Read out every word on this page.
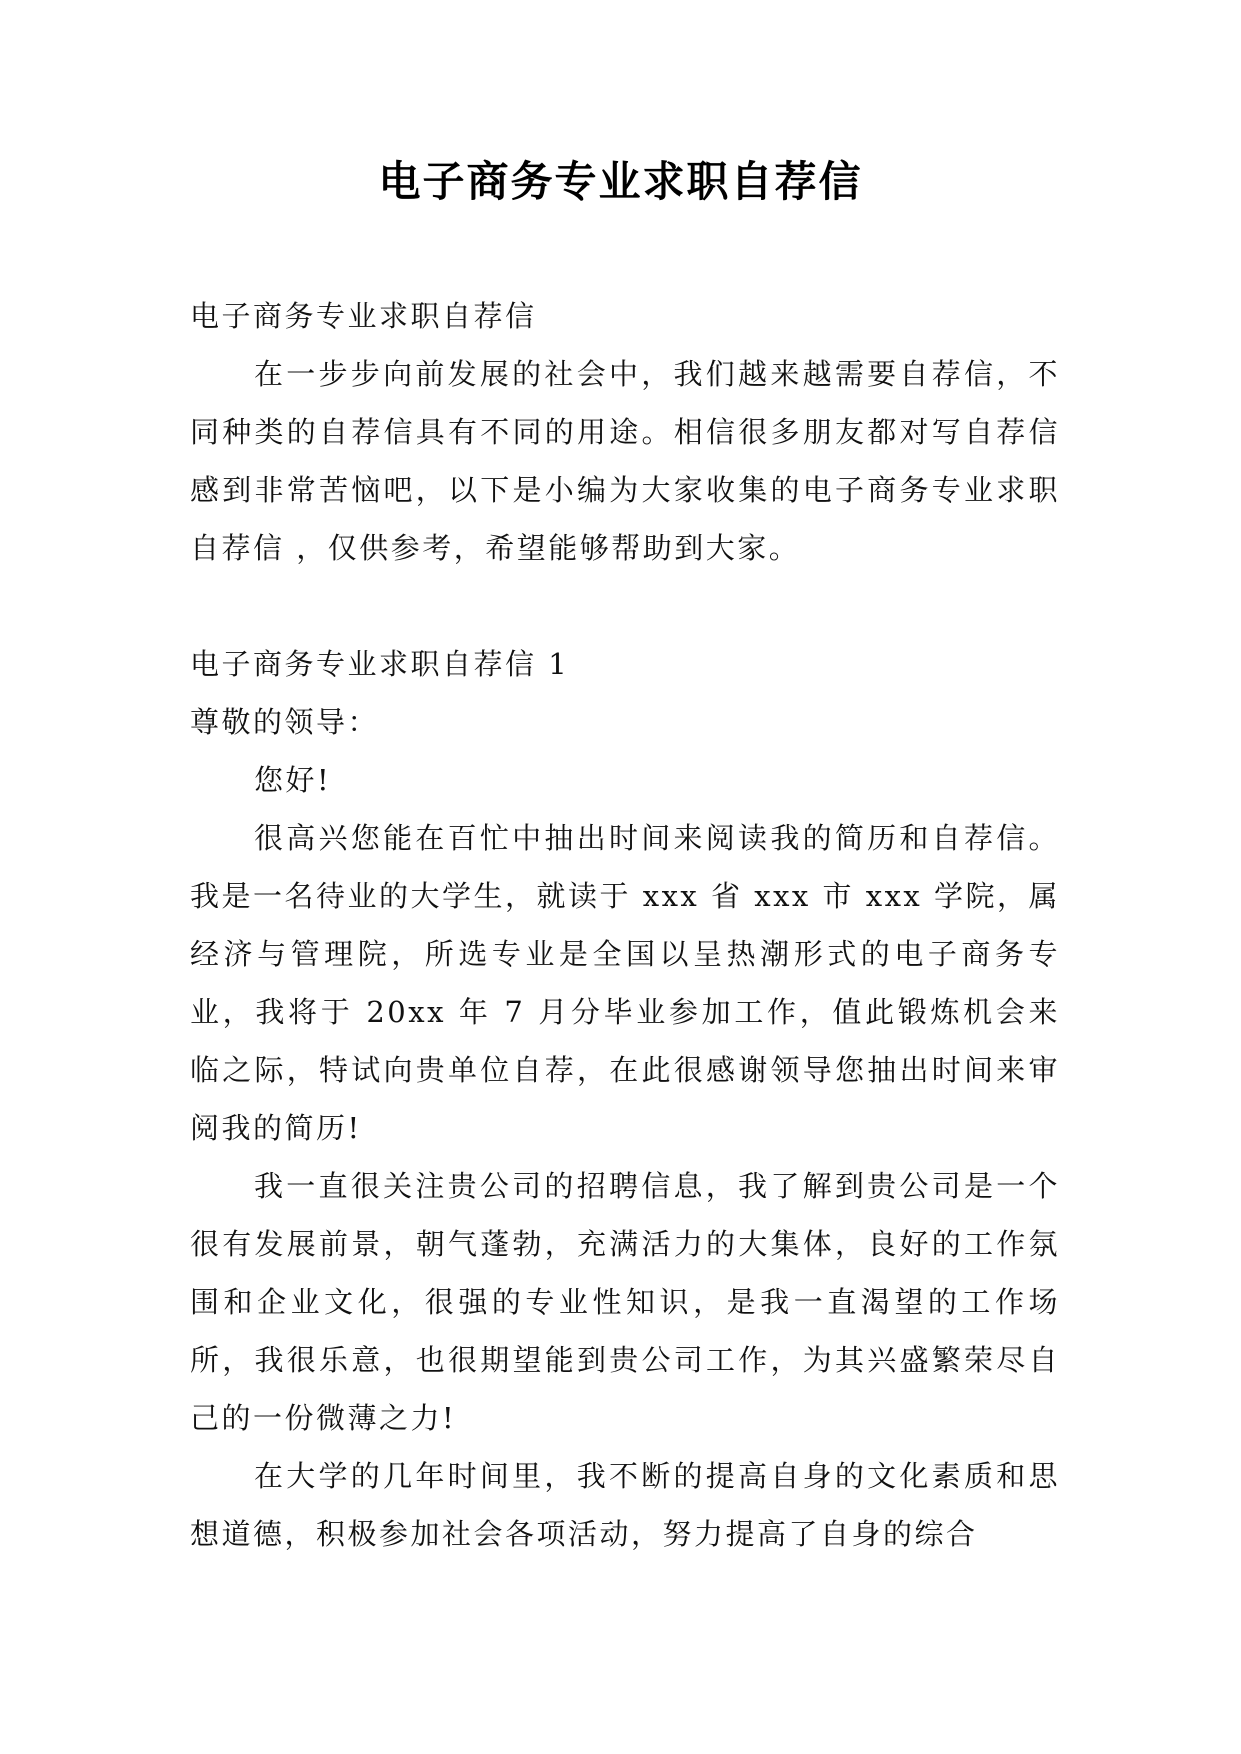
电子商务专业求职自荐信

电子商务专业求职自荐信

在一步步向前发展的社会中，我们越来越需要自荐信，不同种类的自荐信具有不同的用途。相信很多朋友都对写自荐信感到非常苦恼吧，以下是小编为大家收集的电子商务专业求职自荐信 ，仅供参考，希望能够帮助到大家。

电子商务专业求职自荐信 1

尊敬的领导：

您好!

很高兴您能在百忙中抽出时间来阅读我的简历和自荐信。我是一名待业的大学生，就读于 xxx 省 xxx 市 xxx 学院，属经济与管理院，所选专业是全国以呈热潮形式的电子商务专业，我将于 20xx 年 7 月分毕业参加工作，值此锻炼机会来临之际，特试向贵单位自荐，在此很感谢领导您抽出时间来审阅我的简历!

我一直很关注贵公司的招聘信息，我了解到贵公司是一个很有发展前景，朝气蓬勃，充满活力的大集体，良好的工作氛围和企业文化，很强的专业性知识，是我一直渴望的工作场所，我很乐意，也很期望能到贵公司工作，为其兴盛繁荣尽自己的一份微薄之力!

在大学的几年时间里，我不断的提高自身的文化素质和思想道德，积极参加社会各项活动，努力提高了自身的综合
